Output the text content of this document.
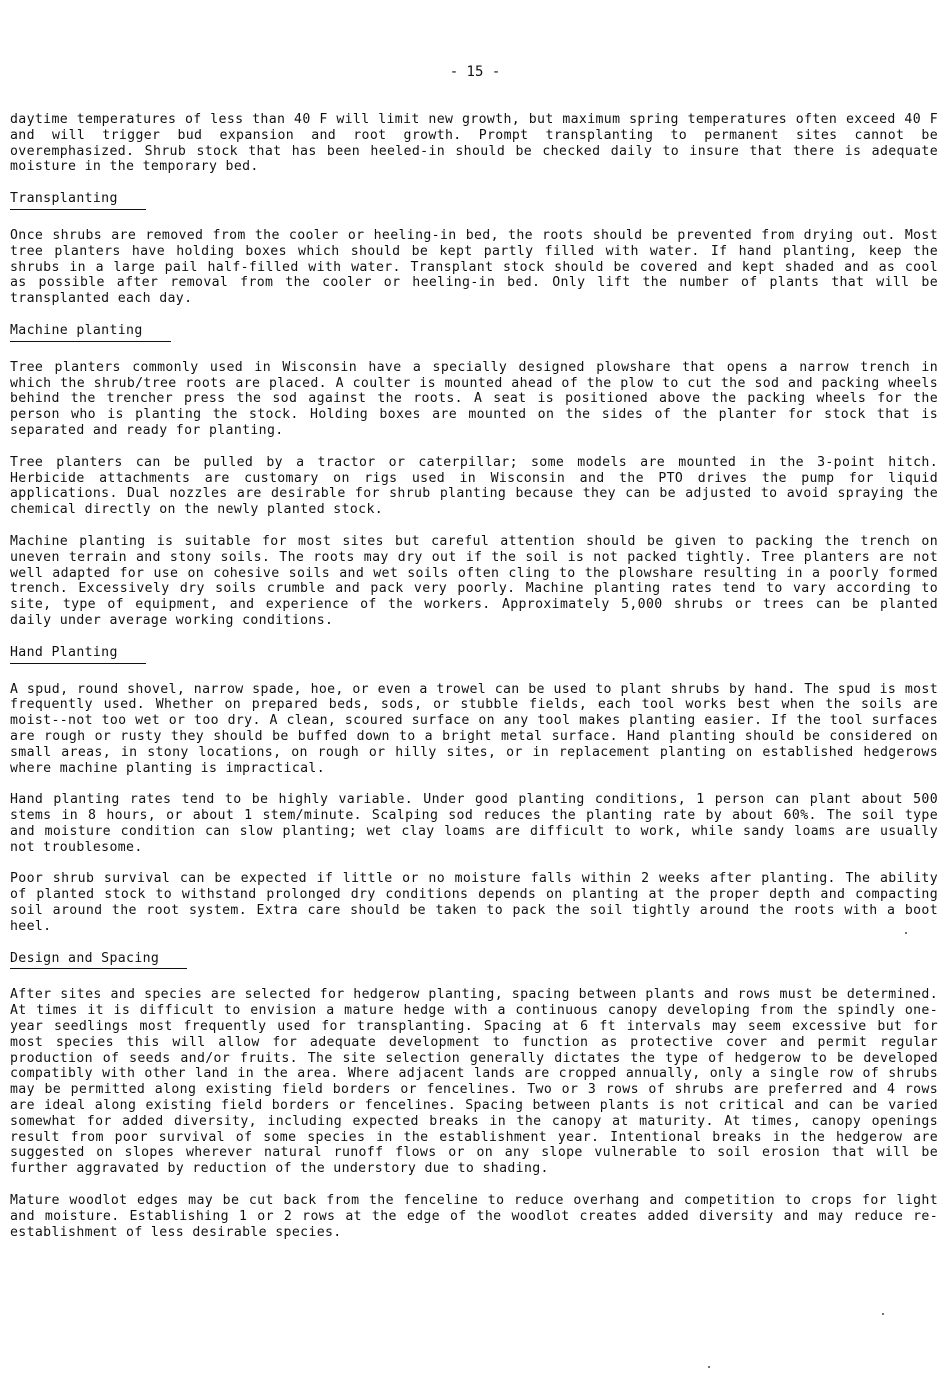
- 15 -

daytime temperatures of less than 40 F will limit new growth, but maximum spring temperatures often exceed 40 F and will trigger bud expansion and root growth. Prompt transplanting to permanent sites cannot be overemphasized. Shrub stock that has been heeled-in should be checked daily to insure that there is adequate moisture in the temporary bed.

Transplanting

Once shrubs are removed from the cooler or heeling-in bed, the roots should be prevented from drying out. Most tree planters have holding boxes which should be kept partly filled with water. If hand planting, keep the shrubs in a large pail half-filled with water. Transplant stock should be covered and kept shaded and as cool as possible after removal from the cooler or heeling-in bed. Only lift the number of plants that will be transplanted each day.

Machine planting

Tree planters commonly used in Wisconsin have a specially designed plowshare that opens a narrow trench in which the shrub/tree roots are placed. A coulter is mounted ahead of the plow to cut the sod and packing wheels behind the trencher press the sod against the roots. A seat is positioned above the packing wheels for the person who is planting the stock. Holding boxes are mounted on the sides of the planter for stock that is separated and ready for planting.

Tree planters can be pulled by a tractor or caterpillar; some models are mounted in the 3-point hitch. Herbicide attachments are customary on rigs used in Wisconsin and the PTO drives the pump for liquid applications. Dual nozzles are desirable for shrub planting because they can be adjusted to avoid spraying the chemical directly on the newly planted stock.

Machine planting is suitable for most sites but careful attention should be given to packing the trench on uneven terrain and stony soils. The roots may dry out if the soil is not packed tightly. Tree planters are not well adapted for use on cohesive soils and wet soils often cling to the plowshare resulting in a poorly formed trench. Excessively dry soils crumble and pack very poorly. Machine planting rates tend to vary according to site, type of equipment, and experience of the workers. Approximately 5,000 shrubs or trees can be planted daily under average working conditions.

Hand Planting

A spud, round shovel, narrow spade, hoe, or even a trowel can be used to plant shrubs by hand. The spud is most frequently used. Whether on prepared beds, sods, or stubble fields, each tool works best when the soils are moist--not too wet or too dry. A clean, scoured surface on any tool makes planting easier. If the tool surfaces are rough or rusty they should be buffed down to a bright metal surface. Hand planting should be considered on small areas, in stony locations, on rough or hilly sites, or in replacement planting on established hedgerows where machine planting is impractical.

Hand planting rates tend to be highly variable. Under good planting conditions, 1 person can plant about 500 stems in 8 hours, or about 1 stem/minute. Scalping sod reduces the planting rate by about 60%. The soil type and moisture condition can slow planting; wet clay loams are difficult to work, while sandy loams are usually not troublesome.

Poor shrub survival can be expected if little or no moisture falls within 2 weeks after planting. The ability of planted stock to withstand prolonged dry conditions depends on planting at the proper depth and compacting soil around the root system. Extra care should be taken to pack the soil tightly around the roots with a boot heel.

Design and Spacing

After sites and species are selected for hedgerow planting, spacing between plants and rows must be determined. At times it is difficult to envision a mature hedge with a continuous canopy developing from the spindly one-year seedlings most frequently used for transplanting. Spacing at 6 ft intervals may seem excessive but for most species this will allow for adequate development to function as protective cover and permit regular production of seeds and/or fruits. The site selection generally dictates the type of hedgerow to be developed compatibly with other land in the area. Where adjacent lands are cropped annually, only a single row of shrubs may be permitted along existing field borders or fencelines. Two or 3 rows of shrubs are preferred and 4 rows are ideal along existing field borders or fencelines. Spacing between plants is not critical and can be varied somewhat for added diversity, including expected breaks in the canopy at maturity. At times, canopy openings result from poor survival of some species in the establishment year. Intentional breaks in the hedgerow are suggested on slopes wherever natural runoff flows or on any slope vulnerable to soil erosion that will be further aggravated by reduction of the understory due to shading.

Mature woodlot edges may be cut back from the fenceline to reduce overhang and competition to crops for light and moisture. Establishing 1 or 2 rows at the edge of the woodlot creates added diversity and may reduce re-establishment of less desirable species.
